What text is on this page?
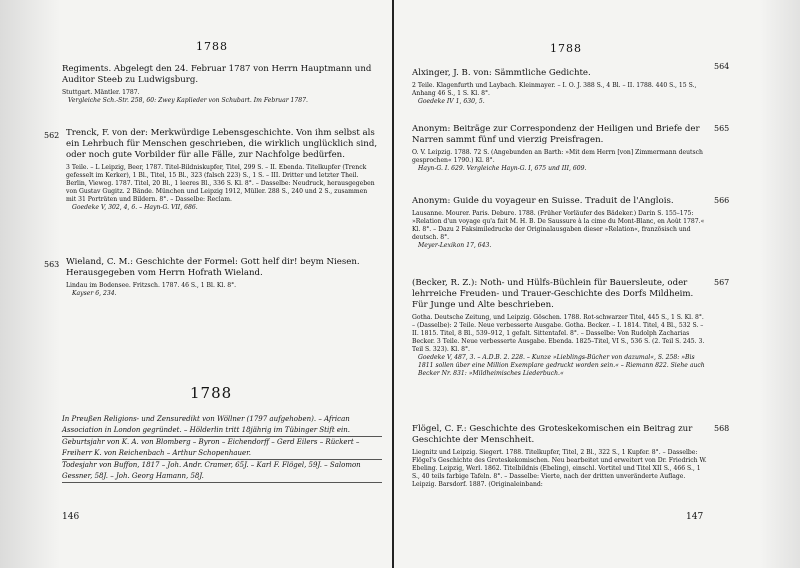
1788
Regiments. Abgelegt den 24. Februar 1787 von Herrn Hauptmann und Auditor Steeb zu Ludwigsburg.
Stuttgart. Mäntler. 1787.
Vergleiche Sch.-Str. 258, 60: Zwey Kaplieder von Schubart. Im Februar 1787.
562 Trenck, F. von der: Merkwürdige Lebensgeschichte. Von ihm selbst als ein Lehrbuch für Menschen geschrieben, die wirklich unglücklich sind, oder noch gute Vorbilder für alle Fälle, zur Nachfolge bedürfen.
3 Teile. – L Leipzig, Beer, 1787. Titel-Bildniskupfer, Titel, 299 S. – II. Ebenda. Titelkupfer (Trenck gefesselt im Kerker), 1 Bl., Titel, 15 Bl., 323 (falsch 223) S., 1 S. – III. Dritter und letzter Theil. Berlin, Vieweg. 1787. Titel, 20 Bl., 1 leeres Bl., 336 S. Kl. 8°. – Dasselbe: Neudruck, herausgegeben von Gustav Gugitz. 2 Bände. München und Leipzig 1912, Müller. 288 S., 240 und 2 S., zusammen mit 31 Porträten und Bildern. 8°. – Dasselbe: Reclam.
Goedeke V, 302, 4, 6. – Hayn-G. VII, 686.
563 Wieland, C. M.: Geschichte der Formel: Gott helf dir! beym Niesen. Herausgegeben vom Herrn Hofrath Wieland.
Lindau im Bodensee. Fritzsch. 1787. 46 S., 1 Bl. Kl. 8°.
Kayser 6, 234.
1788
In Preußen Religions- und Zensuredikt von Wöllner (1797 aufgehoben). – African Association in London gegründet. – Hölderlin tritt 18jährig im Tübinger Stift ein.
Geburtsjahr von K. A. von Blomberg – Byron – Eichendorff – Gerd Eilers – Rückert – Freiherr K. von Reichenbach – Arthur Schopenhauer.
Todesjahr von Buffon, 1817 – Joh. Andr. Cramer, 65J. – Karl F. Flögel, 59J. – Salomon Gessner, 58J. – Joh. Georg Hamann, 58J.
146
1788
564
Alxinger, J. B. von: Sämmtliche Gedichte.
2 Teile. Klagenfurth und Laybach. Kleinmayer. – I. O. J. 388 S., 4 Bl. – II. 1788. 440 S., 15 S., Anhang 46 S., 1 S. Kl. 8°.
Goedeke IV 1, 630, 5.
565
Anonym: Beiträge zur Correspondenz der Heiligen und Briefe der Narren sammt fünf und vierzig Preisfragen.
O. V. Leipzig. 1788. 72 S. (Angebunden an Barth: »Mit dem Herrn [von] Zimmermann deutsch gesprochen« 1790.) Kl. 8°.
Hayn-G. I. 629. Vergleiche Hayn-G. I, 675 und III, 609.
566
Anonym: Guide du voyageur en Suisse. Traduit de l'Anglois.
Lausanne. Mourer. Paris. Debure. 1788. (Früher Vorläufer des Bädeker.) Darin S. 155–175: »Relation d'un voyage qu'a fait M. H. B. De Saussure à la cime du Mont-Blanc, en Août 1787.« Kl. 8°. – Dazu 2 Faksimiledrucke der Originalausgaben dieser »Relation«, französisch und deutsch. 8°.
Meyer-Lexikon 17, 643.
567
(Becker, R. Z.): Noth- und Hülfs-Büchlein für Bauersleute, oder lehrreiche Freuden- und Trauer-Geschichte des Dorfs Mildheim. Für Junge und Alte beschrieben.
Gotha. Deutsche Zeitung, und Leipzig. Göschen. 1788. Rot-schwarzer Titel, 445 S., 1 S. Kl. 8°. – (Dasselbe): 2 Teile. Neue verbesserte Ausgabe. Gotha. Becker. – I. 1814. Titel, 4 Bl., 532 S. – II. 1815. Titel, 8 Bl., 539–912, 1 gefalt. Sittentafel. 8°. – Dasselbe: Von Rudolph Zacharias Becker. 3 Teile. Neue verbesserte Ausgabe. Ebenda. 1825–Titel, VI S., 536 S. (2. Teil S. 245. 3. Teil S. 323). Kl. 8°.
Goedeke V, 487, 3. – A.D.B. 2. 228. – Kunze »Lieblings-Bücher von dazumal«, S. 258: »Bis 1811 sollen über eine Million Exemplare gedruckt worden sein.« – Riemann 822. Siehe auch Becker Nr. 831: »Mildheimisches Liederbuch.«
568
Flögel, C. F.: Geschichte des Groteskekomischen ein Beitrag zur Geschichte der Menschheit.
Liegnitz und Leipzig. Siegert. 1788. Titelkupfer, Titel, 2 Bl., 322 S., 1 Kupfer. 8°. – Dasselbe: Flögel's Geschichte des Groteskekomischen. Neu bearbeitet und erweitert von Dr. Friedrich W. Ebeling. Leipzig, Werl. 1862. Titelbildnis (Ebeling), einschl. Vortitel und Titel XII S., 466 S., 1 S., 40 teils farbige Tafeln. 8°. – Dasselbe: Vierte, nach der dritten unveränderte Auflage. Leipzig. Barsdorf. 1887. (Originaleinband:
147
